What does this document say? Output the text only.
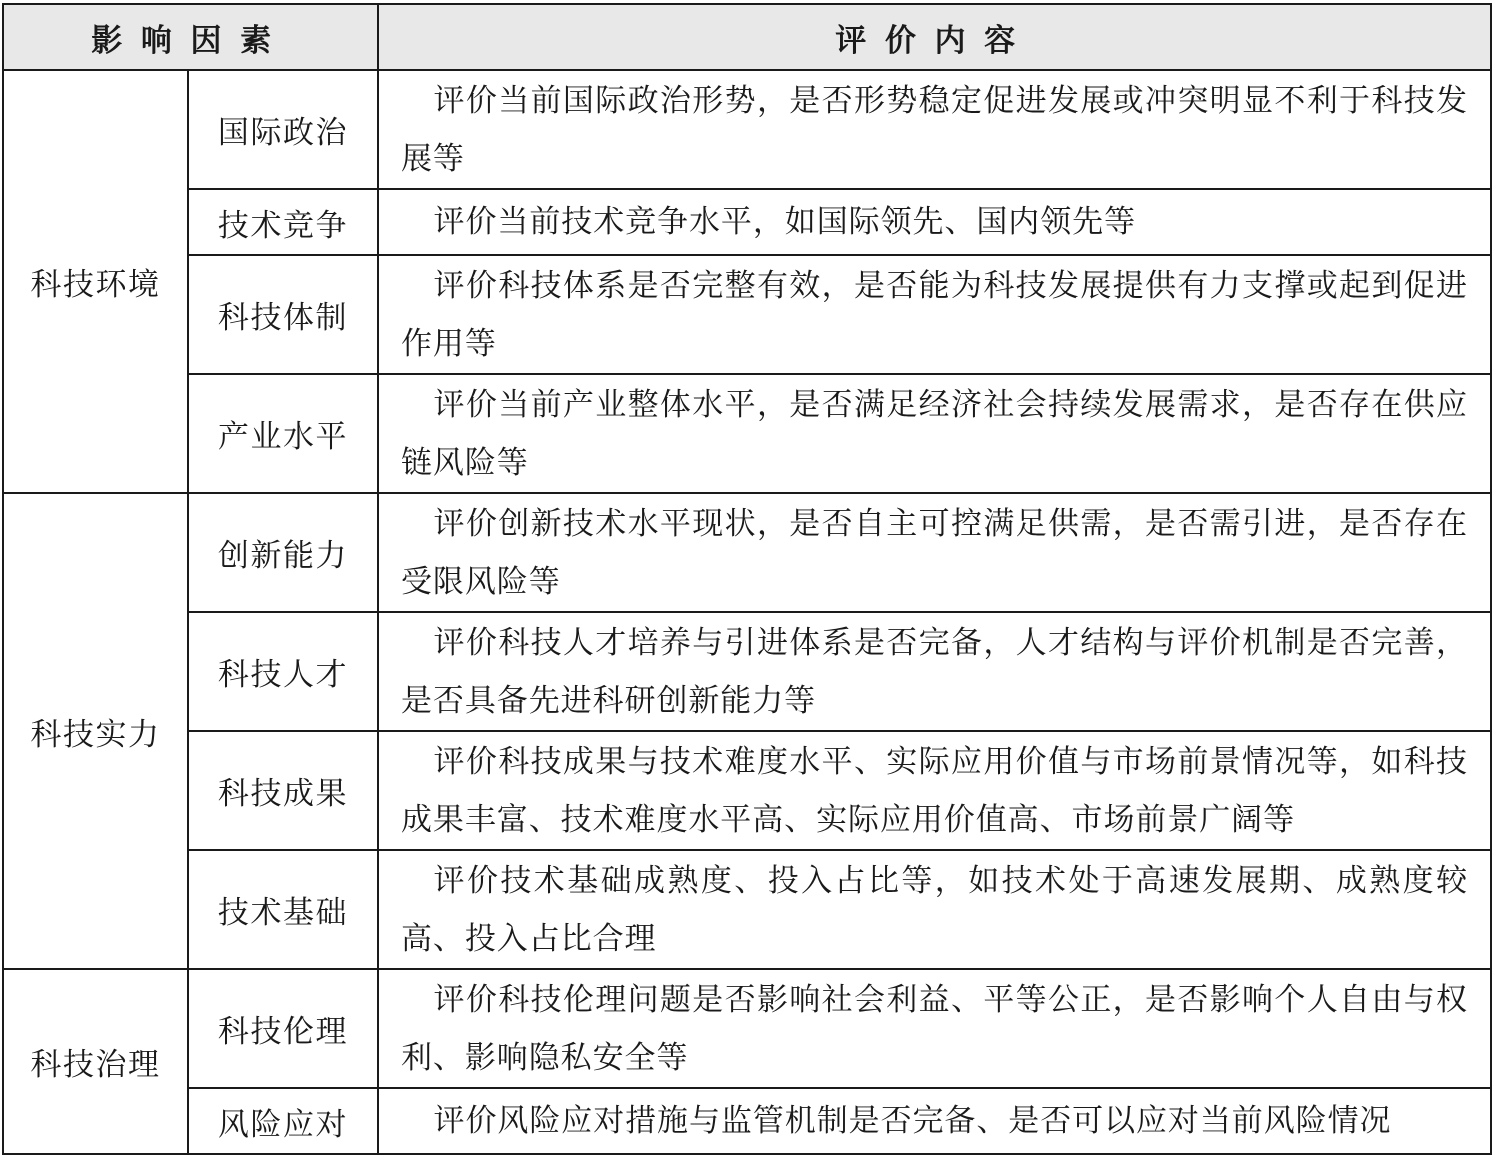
影响因素		评价内容
科技环境	国际政治	评价当前国际政治形势，是否形势稳定促进发展或冲突明显不利于科技发展等
	技术竞争	评价当前技术竞争水平，如国际领先、国内领先等
	科技体制	评价科技体系是否完整有效，是否能为科技发展提供有力支撑或起到促进作用等
	产业水平	评价当前产业整体水平，是否满足经济社会持续发展需求，是否存在供应链风险等
科技实力	创新能力	评价创新技术水平现状，是否自主可控满足供需，是否需引进，是否存在受限风险等
	科技人才	评价科技人才培养与引进体系是否完备，人才结构与评价机制是否完善，是否具备先进科研创新能力等
	科技成果	评价科技成果与技术难度水平、实际应用价值与市场前景情况等，如科技成果丰富、技术难度水平高、实际应用价值高、市场前景广阔等
	技术基础	评价技术基础成熟度、投入占比等，如技术处于高速发展期、成熟度较高、投入占比合理
科技治理	科技伦理	评价科技伦理问题是否影响社会利益、平等公正，是否影响个人自由与权利、影响隐私安全等
	风险应对	评价风险应对措施与监管机制是否完备、是否可以应对当前风险情况
